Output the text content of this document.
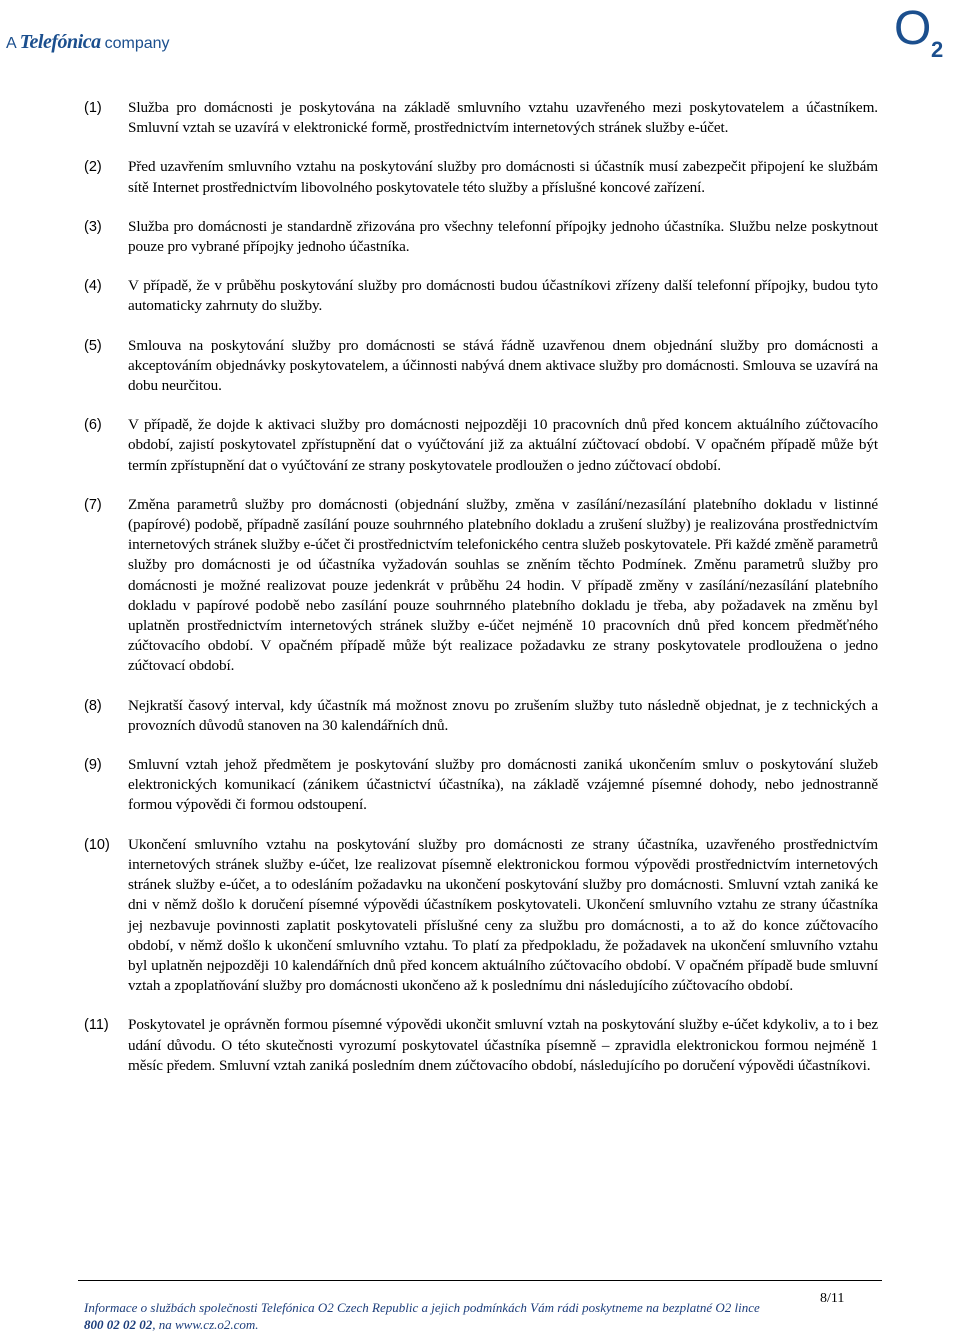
A Telefónica company	O 2
(1)	Služba pro domácnosti je poskytována na základě smluvního vztahu uzavřeného mezi poskytovatelem a účastníkem. Smluvní vztah se uzavírá v elektronické formě, prostřednictvím internetových stránek služby e-účet.
(2)	Před uzavřením smluvního vztahu na poskytování služby pro domácnosti si účastník musí zabezpečit připojení ke službám sítě Internet prostřednictvím libovolného poskytovatele této služby a příslušné koncové zařízení.
(3)	Služba pro domácnosti je standardně zřizována pro všechny telefonní přípojky jednoho účastníka. Službu nelze poskytnout pouze pro vybrané přípojky jednoho účastníka.
(4)	V případě, že v průběhu poskytování služby pro domácnosti budou účastníkovi zřízeny další telefonní přípojky, budou tyto automaticky zahrnuty do služby.
(5)	Smlouva na poskytování služby pro domácnosti se stává řádně uzavřenou dnem objednání služby pro domácnosti a akceptováním objednávky poskytovatelem, a účinnosti nabývá dnem aktivace služby pro domácnosti. Smlouva se uzavírá na dobu neurčitou.
(6)	V případě, že dojde k aktivaci služby pro domácnosti nejpozději 10 pracovních dnů před koncem aktuálního zúčtovacího období, zajistí poskytovatel zpřístupnění dat o vyúčtování již za aktuální zúčtovací období. V opačném případě může být termín zpřístupnění dat o vyúčtování ze strany poskytovatele prodloužen o jedno zúčtovací období.
(7)	Změna parametrů služby pro domácnosti (objednání služby, změna v zasílání/nezasílání platebního dokladu v listinné (papírové) podobě, případně zasílání pouze souhrnného platebního dokladu a zrušení služby) je realizována prostřednictvím internetových stránek služby e-účet či prostřednictvím telefonického centra služeb poskytovatele. Při každé změně parametrů služby pro domácnosti je od účastníka vyžadován souhlas se zněním těchto Podmínek. Změnu parametrů služby pro domácnosti je možné realizovat pouze jedenkrát v průběhu 24 hodin. V případě změny v zasílání/nezasílání platebního dokladu v papírové podobě nebo zasílání pouze souhrnného platebního dokladu je třeba, aby požadavek na změnu byl uplatněn prostřednictvím internetových stránek služby e-účet nejméně 10 pracovních dnů před koncem předměťného zúčtovacího období. V opačném případě může být realizace požadavku ze strany poskytovatele prodloužena o jedno zúčtovací období.
(8)	Nejkratší časový interval, kdy účastník má možnost znovu po zrušením služby tuto následně objednat, je z technických a provozních důvodů stanoven na 30 kalendářních dnů.
(9)	Smluvní vztah jehož předmětem je poskytování služby pro domácnosti zaniká ukončením smluv o poskytování služeb elektronických komunikací (zánikem účastnictví účastníka), na základě vzájemné písemné dohody, nebo jednostranně formou výpovědi či formou odstoupení.
(10)	Ukončení smluvního vztahu na poskytování služby pro domácnosti ze strany účastníka, uzavřeného prostřednictvím internetových stránek služby e-účet, lze realizovat písemně elektronickou formou výpovědi prostřednictvím internetových stránek služby e-účet, a to odesláním požadavku na ukončení poskytování služby pro domácnosti. Smluvní vztah zaniká ke dni v němž došlo k doručení písemné výpovědi účastníkem poskytovateli. Ukončení smluvního vztahu ze strany účastníka jej nezbavuje povinnosti zaplatit poskytovateli příslušné ceny za službu pro domácnosti, a to až do konce zúčtovacího období, v němž došlo k ukončení smluvního vztahu. To platí za předpokladu, že požadavek na ukončení smluvního vztahu byl uplatněn nejpozději 10 kalendářních dnů před koncem aktuálního zúčtovacího období. V opačném případě bude smluvní vztah a zpoplatňování služby pro domácnosti ukončeno až k poslednímu dni následujícího zúčtovacího období.
(11)	Poskytovatel je oprávněn formou písemné výpovědi ukončit smluvní vztah na poskytování služby e-účet kdykoliv, a to i bez udání důvodu. O této skutečnosti vyrozumí poskytovatel účastníka písemně – zpravidla elektronickou formou nejméně 1 měsíc předem. Smluvní vztah zaniká posledním dnem zúčtovacího období, následujícího po doručení výpovědi účastníkovi.
Informace o službách společnosti Telefónica O2 Czech Republic a jejich podmínkách Vám rádi poskytneme na bezplatné O2 lince
800 02 02 02, na www.cz.o2.com.
8/11
